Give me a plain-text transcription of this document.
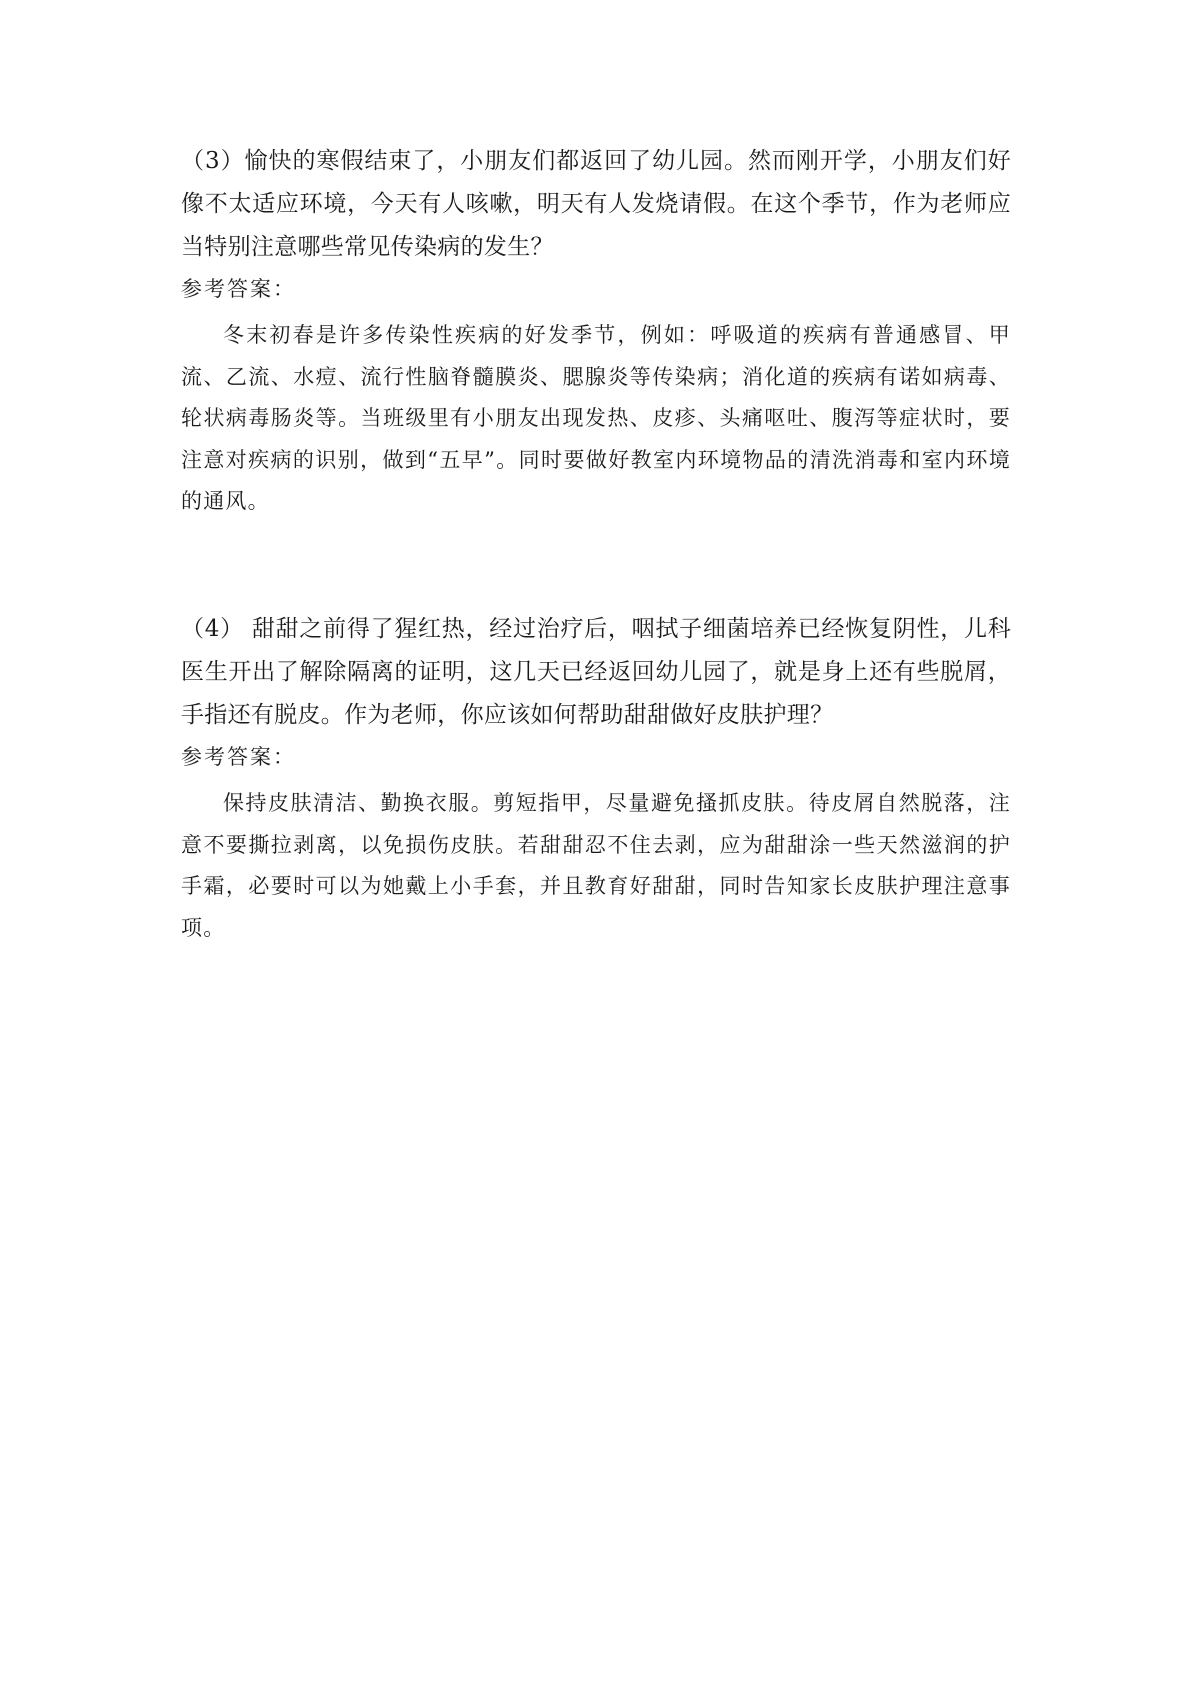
（3）愉快的寒假结束了，小朋友们都返回了幼儿园。然而刚开学，小朋友们好像不太适应环境，今天有人咳嗽，明天有人发烧请假。在这个季节，作为老师应当特别注意哪些常见传染病的发生？

参考答案：

冬末初春是许多传染性疾病的好发季节，例如：呼吸道的疾病有普通感冒、甲流、乙流、水痘、流行性脑脊髓膜炎、腮腺炎等传染病；消化道的疾病有诺如病毒、轮状病毒肠炎等。当班级里有小朋友出现发热、皮疹、头痛呕吐、腹泻等症状时，要注意对疾病的识别，做到“五早”。同时要做好教室内环境物品的清洗消毒和室内环境的通风。

（4） 甜甜之前得了猩红热，经过治疗后，咽拭子细菌培养已经恢复阴性，儿科医生开出了解除隔离的证明，这几天已经返回幼儿园了，就是身上还有些脱屑，手指还有脱皮。作为老师，你应该如何帮助甜甜做好皮肤护理？

参考答案：

保持皮肤清洁、勤换衣服。剪短指甲，尽量避免搔抓皮肤。待皮屑自然脱落，注意不要撕拉剥离，以免损伤皮肤。若甜甜忍不住去剥，应为甜甜涂一些天然滋润的护手霜，必要时可以为她戴上小手套，并且教育好甜甜，同时告知家长皮肤护理注意事项。
